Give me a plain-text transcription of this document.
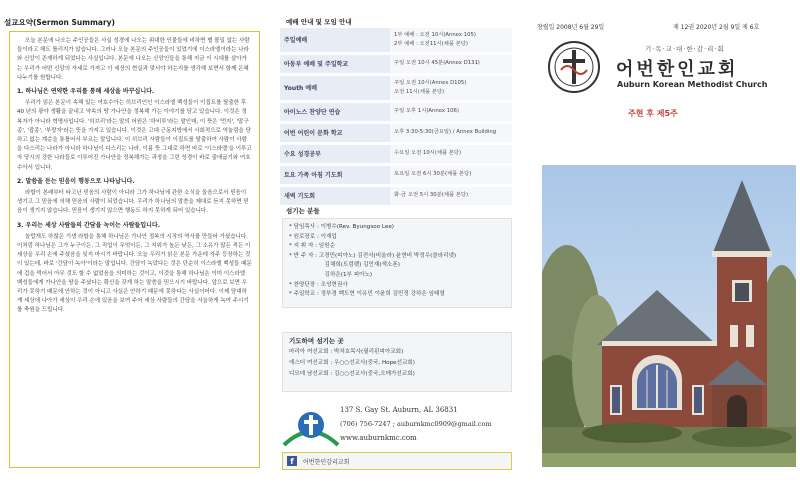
설교요약(Sermon Summary)

오늘 본문에 나오는 주인공들은 사실 성경에 나오는 위대한 인물들에 비하면 별 볼일 없는 사람들이라고 해도 틀리지가 않습니다. 그러나 오늘 본문의 주인공들이 있었기에 이스라엘이라는 나라와 신앙이 존재하게 되었다는 사실입니다. 본문에 나오는 신앙인들을 통해 지금 이 시대를 살아가는 우리가 어떤 신앙의 자세로 가져고 이 세상의 현실과 맞서야 하는지를 생각해 보면서 함께 은혜 나누기를 원합니다.

1. 하나님은 연약한 우리를 통해 세상을 바꾸십니다.

우리가 읽은 본문이 속해 있는 여호수아는 히브리인인 이스라엘 백성들이 이집트를 탈출한 후 40 년의 광야 생활을 끝내고 약속의 땅 가나안을 정복해 가는 이야기를 담고 있습니다. 이것은 정복자가 아니라 혁명사입니다. '히브리'라는 말의 어원은 '하비루'라는 말인데, 이 뜻은 '먼지', '말구종', '잡종', '부랑자'라는 뜻을 가지고 있습니다. 이것은 고대 근동지방에서 사회적으로 억눌림을 당하고 없는 계층을 통틀어서 부르는 말입니다. 이 히브리 사람들이 이집트를 탈출하여 사람이 사람을 다스리는 나라가 아니라 하나님이 다스리는 나라, 이름 뜻 그대로 하면 바로 '이스라엘'을 이루고자 당시의 강한 나라들로 이루어진 가나안을 정복해가는 과정을 그린 성경이 바로 출애굽기와 여호수아서 입니다.

2. 말씀을 듣는 믿음이 행동으로 나타납니다.

라합이 본래부터 타고난 믿음의 사람이 아니라 그가 하나님에 관한 소식을 들음으로서 믿음이 생기고 그 믿음에 의해 믿음의 사람이 되었습니다. 우리가 하나님의 말씀을 제대로 듣지 못하면 믿음이 생기지 않습니다. 믿음이 생기지 않으면 행동도 하지 못하게 되어 있습니다.

3. 우리는 세상 사람들의 간담을 녹이는 사람들입니다.

놀랍게도 하찮은 기생 라합을 통해 하나님은 가나안 정복의 시작의 역사를 만들어 가셨습니다. 이처럼 하나님은 그가 누구이든, 그 직업이 무엇이든, 그 지위가 높든 낮든, 그 소유가 많든 적든 이 세상을 우리 손에 주셨음을 잊지 마시기 바랍니다. 오늘 우리가 읽은 본문 가운데 자주 등장하는 것이 있는데, 바로 '간담이 녹아'이라는 말입니다. 간담이 녹았다는 것은 단순히 이스라엘 백성들 때문에 겁을 먹어서 아무 것도 할 수 없었음을 의미하는 것이고, 이것을 통해 하나님은 이미 이스라엘 백성들에게 가나안을 땅을 주셨다는 확신을 갖게 하는 말씀을 믿으시기 바랍니다. 앞으로 보면 우리가 못하기 때문에 안하는 것이 아니고 사실은 안하기 때문에 못하다는 사실이어다. 이제 담대하게 세상에 나아가 세상이 우리 손에 있음을 보여 주어 세상 사람들의 간담을 서늘하게 녹여 주시기를 축원을 드립니다.

예배 안내 및 모임 안내
주일예배	1부 예배 : 오전 10시(Annex 105)
2부 예배 : 오전11시(채플 본당)

아동부 예배 및 주일학교	주일 오전 10시 45분(Annex D131)

Youth 예배	주일 오전 10시(Annex D105)
오전 11시(채플 본당)

아이노스 찬양단 연습	주일 오후 1시(Annex 106)

어번 어린이 문화 학교	오후 3:30-5:30(금요일) / Annex Building

수요 성경공부	수요일 오전 10시(채플 본당)

토요 가족 아침 기도회	토요일 오전 6시 30분(채플 본당)

새벽 기도회	화-금 오전 5시 30분(채플 본당)

섬기는 분들
* 담임목사 : 이병수(Rev. Byungsoo Lee)
* 원로장로 : 이재업
* 지 휘 자 : 임원순
* 반 주 자 : 고경민(피아노) 김전서(비올라) 윤현비 박정우(클라리넷)
김채희(트럼펫) 김민재(색소폰)
김하은(1부 피아노)
* 찬양단장 : 조성현권사
* 주일학교 : 정부경 백도현 이유민 이윤희 김민정 강하은 임태열
기도하며 섬기는 곳
마리아 여선교회 : 박처호목사(필리핀피아교회)
에스더 여선교회 : 우○○선교사(중국, Hope선교회)
디모데 남선교회 : 김○○선교사(중국,오메가선교회)
137 S. Gay St. Auburn, AL 36831
(706) 756-7247 ; auburnkmc0909@gmail.com
www.auburnkmc.com
f	어번한인감리교회
창립일 2008년 6월 29일	제 12권 2020년 2월 9일 제 6호
기·독·교·대·한·감·리·회
어번한인교회
Auburn Korean Methodist Church
주현 후 제5주
